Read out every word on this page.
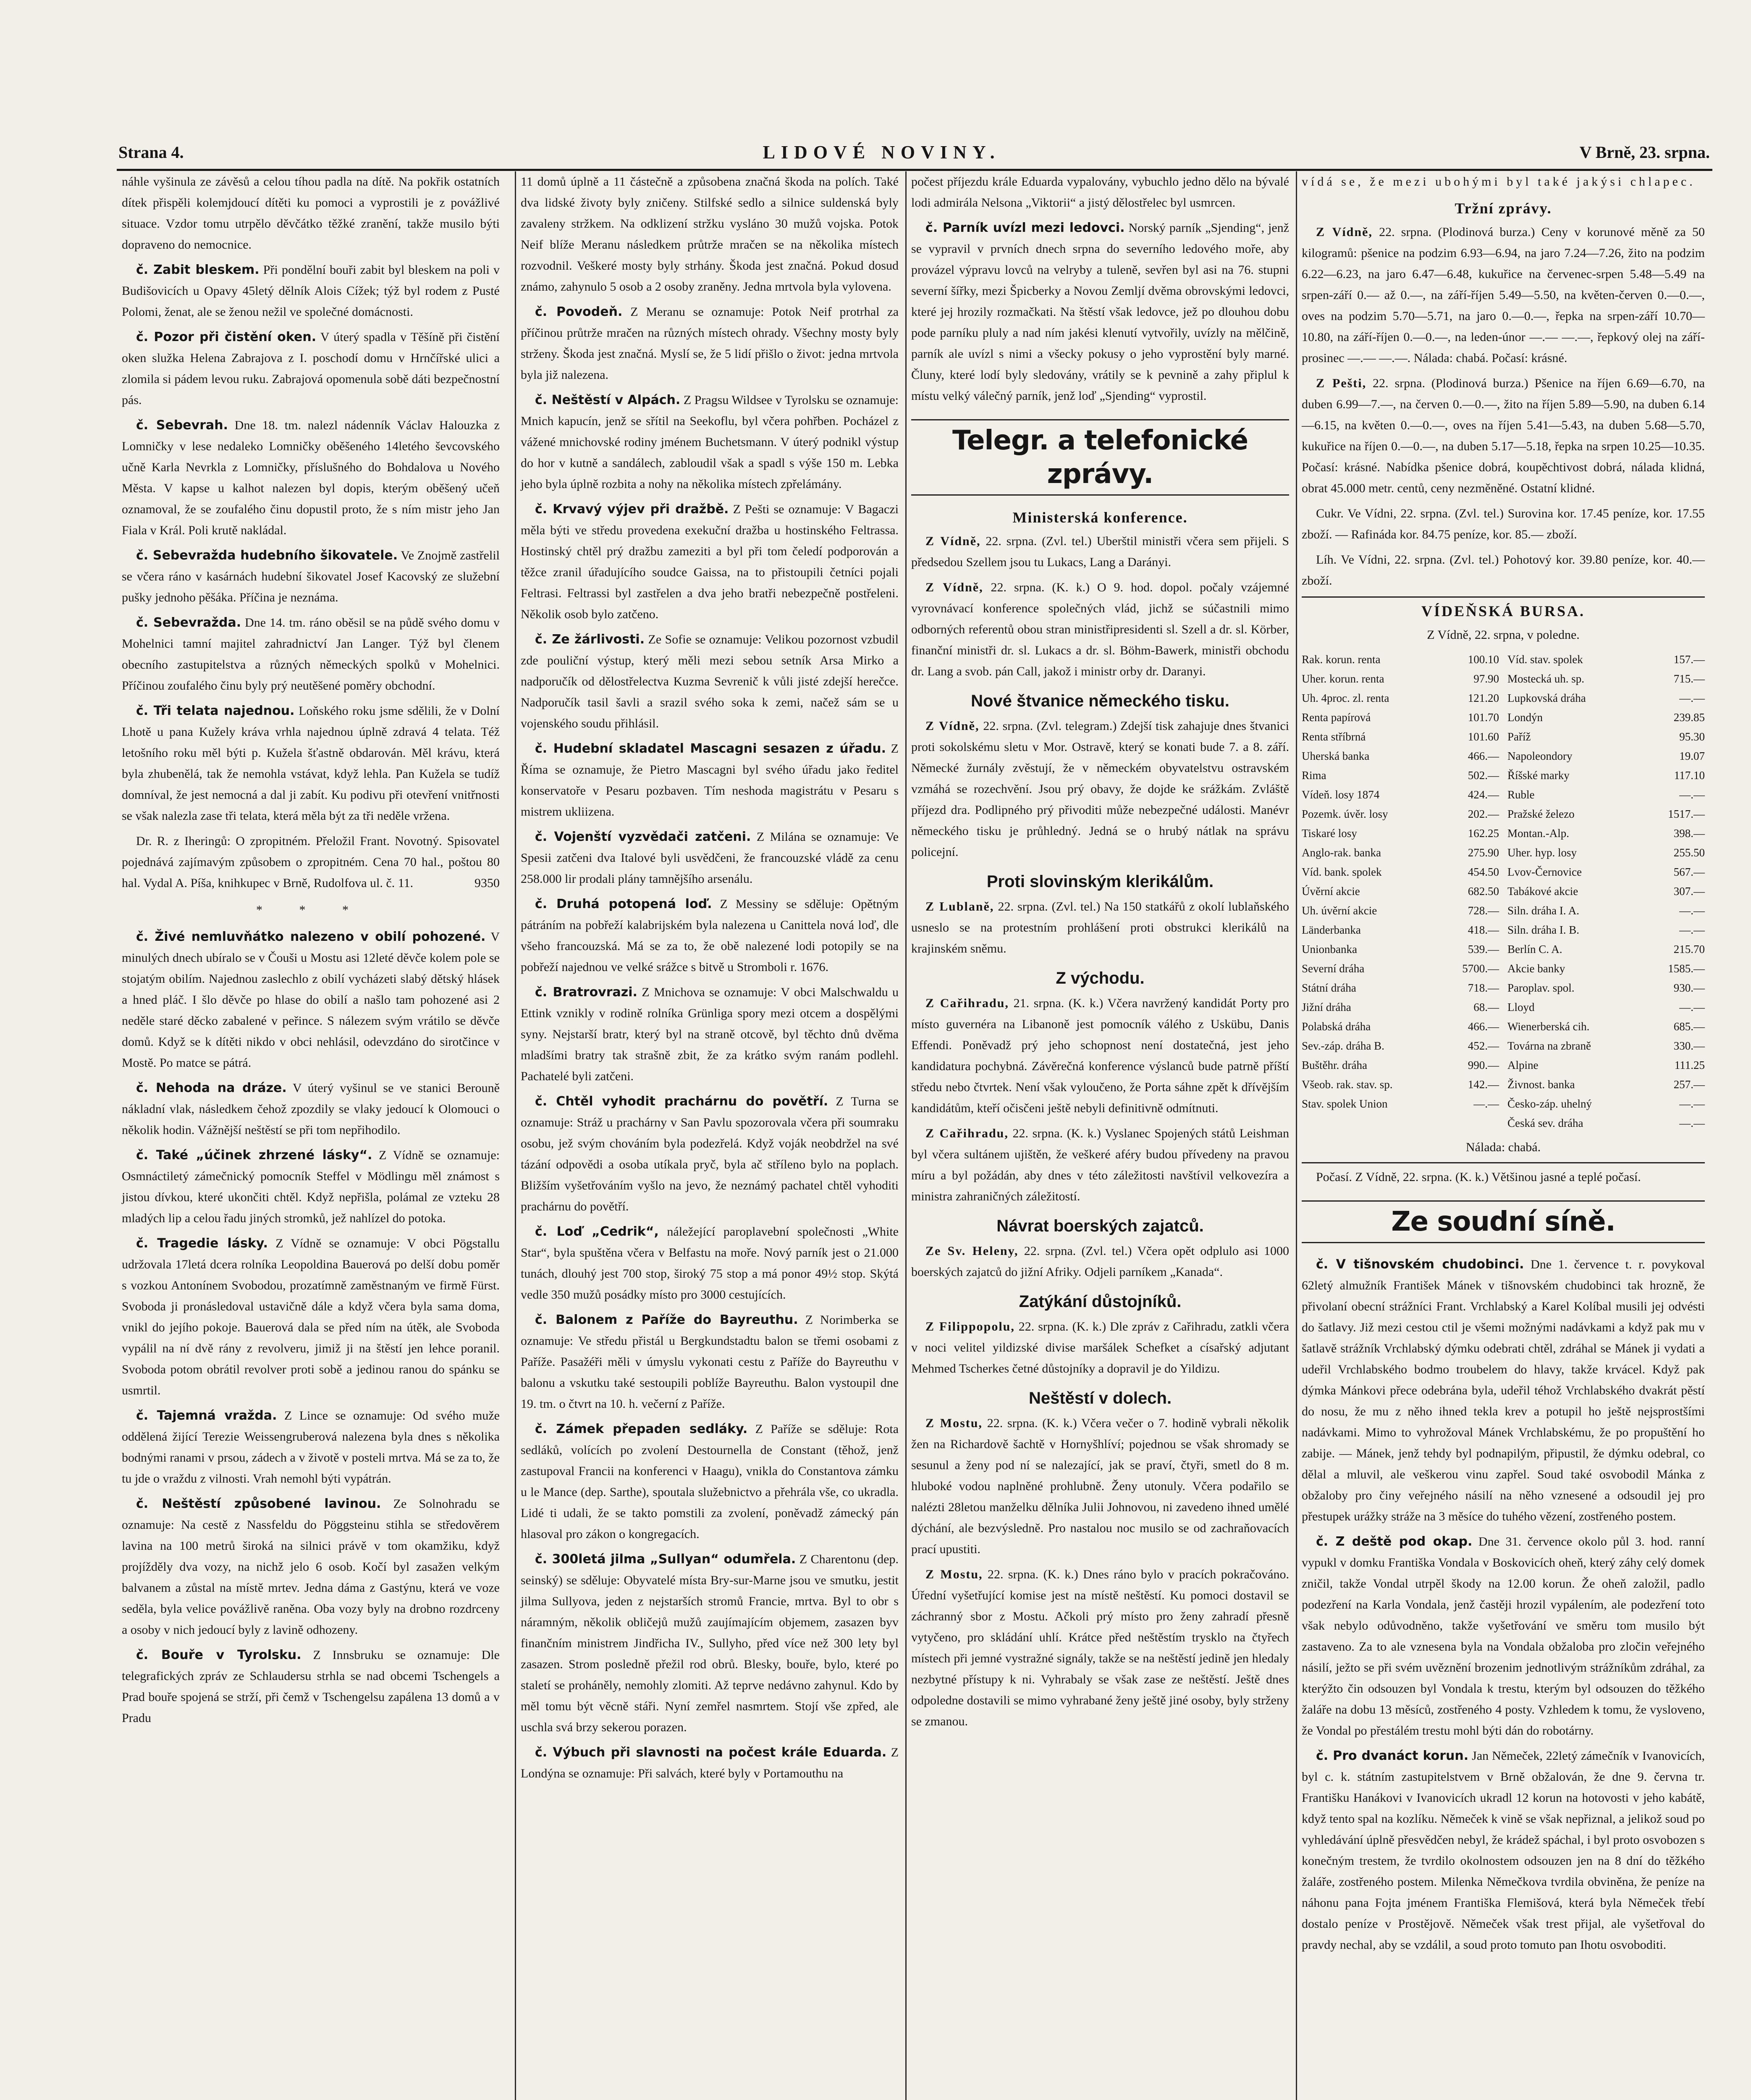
Strana 4.	LIDOVÉ NOVINY.	V Brně, 23. srpna.

náhle vyšinula ze závěsů a celou tíhou padla na dítě. Na pokřik ostatních dítek přispěli kolemjdoucí dítěti ku pomoci a vyprostili je z povážlivé situace. Vzdor tomu utrpělo děvčátko těžké zranění, takže musilo býti dopraveno do nemocnice.

č. Zabit bleskem. Při pondělní bouři zabit byl bleskem na poli v Budišovicích u Opavy 45letý dělník Alois Cížek; týž byl rodem z Pusté Polomi, ženat, ale se ženou nežil ve společné domácnosti.

č. Pozor při čistění oken. V úterý spadla v Těšíně při čistění oken služka Helena Zabrajova z I. poschodí domu v Hrnčířské ulici a zlomila si pádem levou ruku. Zabrajová opomenula sobě dáti bezpečnostní pás.

č. Sebevrah. Dne 18. tm. nalezl nádenník Václav Halouzka z Lomničky v lese nedaleko Lomničky oběšeného 14letého ševcovského učně Karla Nevrkla z Lomničky, příslušného do Bohdalova u Nového Města. V kapse u kalhot nalezen byl dopis, kterým oběšený učeň oznamoval, že se zoufalého činu dopustil proto, že s ním mistr jeho Jan Fiala v Král. Poli krutě nakládal.

č. Sebevražda hudebního šikovatele. Ve Znojmě zastřelil se včera ráno v kasárnách hudební šikovatel Josef Kacovský ze služební pušky jednoho pěšáka. Příčina je neznáma.

č. Sebevražda. Dne 14. tm. ráno oběsil se na půdě svého domu v Mohelnici tamní majitel zahradnictví Jan Langer. Týž byl členem obecního zastupitelstva a různých německých spolků v Mohelnici. Příčinou zoufalého činu byly prý neutěšené poměry obchodní.

č. Tři telata najednou. Loňského roku jsme sdělili, že v Dolní Lhotě u pana Kužely kráva vrhla najednou úplně zdravá 4 telata. Též letošního roku měl býti p. Kužela šťastně obdarován. Měl krávu, která byla zhubenělá, tak že nemohla vstávat, když lehla. Pan Kužela se tudíž domníval, že jest nemocná a dal ji zabít. Ku podivu při otevření vnitřnosti se však nalezla zase tři telata, která měla být za tři neděle vržena.

Dr. R. z Iheringů: O zpropitném. Přeložil Frant. Novotný. Spisovatel pojednává zajímavým způsobem o zpropitném. Cena 70 hal., poštou 80 hal. Vydal A. Píša, knihkupec v Brně, Rudolfova ul. č. 11.	9350

* * *

č. Živé nemluvňátko nalezeno v obilí pohozené. V minulých dnech ubíralo se v Čouši u Mostu asi 12leté děvče kolem pole se stojatým obilím. Najednou zaslechlo z obilí vycházeti slabý dětský hlásek a hned pláč. I šlo děvče po hlase do obilí a našlo tam pohozené asi 2 neděle staré děcko zabalené v peřince. S nálezem svým vrátilo se děvče domů. Když se k dítěti nikdo v obci nehlásil, odevzdáno do sirotčince v Mostě. Po matce se pátrá.

č. Nehoda na dráze. V úterý vyšinul se ve stanici Berouně nákladní vlak, následkem čehož zpozdily se vlaky jedoucí k Olomouci o několik hodin. Vážnější neštěstí se při tom nepřihodilo.

č. Také „účinek zhrzené lásky“. Z Vídně se oznamuje: Osmnáctiletý zámečnický pomocník Steffel v Mödlingu měl známost s jistou dívkou, které ukončiti chtěl. Když nepřišla, polámal ze vzteku 28 mladých lip a celou řadu jiných stromků, jež nahlízel do potoka.

č. Tragedie lásky. Z Vídně se oznamuje: V obci Pögstallu udržovala 17letá dcera rolníka Leopoldina Bauerová po delší dobu poměr s vozkou Antonínem Svobodou, prozatímně zaměstnaným ve firmě Fürst. Svoboda ji pronásledoval ustavičně dále a když včera byla sama doma, vnikl do jejího pokoje. Bauerová dala se před ním na útěk, ale Svoboda vypálil na ní dvě rány z revolveru, jimiž ji na štěstí jen lehce poranil. Svoboda potom obrátil revolver proti sobě a jedinou ranou do spánku se usmrtil.

č. Tajemná vražda. Z Lince se oznamuje: Od svého muže oddělená žijící Terezie Weissengruberová nalezena byla dnes s několika bodnými ranami v prsou, zádech a v životě v posteli mrtva. Má se za to, že tu jde o vraždu z vilnosti. Vrah nemohl býti vypátrán.

č. Neštěstí způsobené lavinou. Ze Solnohradu se oznamuje: Na cestě z Nassfeldu do Pöggsteinu stihla se středověrem lavina na 100 metrů široká na silnici právě v tom okamžiku, když projížděly dva vozy, na nichž jelo 6 osob. Kočí byl zasažen velkým balvanem a zůstal na místě mrtev. Jedna dáma z Gastýnu, která ve voze seděla, byla velice povážlivě raněna. Oba vozy byly na drobno rozdrceny a osoby v nich jedoucí byly z lavině odhozeny.

č. Bouře v Tyrolsku. Z Innsbruku se oznamuje: Dle telegrafických zpráv ze Schlaudersu strhla se nad obcemi Tschengels a Prad bouře spojená se strží, při čemž v Tschengelsu zapálena 13 domů a v Pradu

11 domů úplně a 11 částečně a způsobena značná škoda na polích. Také dva lidské životy byly zničeny. Stilfské sedlo a silnice suldenská byly zavaleny stržkem. Na odklizení stržku vysláno 30 mužů vojska. Potok Neif blíže Meranu následkem průtrže mračen se na několika místech rozvodnil. Veškeré mosty byly strhány. Škoda jest značná. Pokud dosud známo, zahynulo 5 osob a 2 osoby zraněny. Jedna mrtvola byla vylovena.

č. Povodeň. Z Meranu se oznamuje: Potok Neif protrhal za příčinou průtrže mračen na různých místech ohrady. Všechny mosty byly strženy. Škoda jest značná. Myslí se, že 5 lidí přišlo o život: jedna mrtvola byla již nalezena.

č. Neštěstí v Alpách. Z Pragsu Wildsee v Tyrolsku se oznamuje: Mnich kapucín, jenž se sřítil na Seekoflu, byl včera pohřben. Pocházel z vážené mnichovské rodiny jménem Buchetsmann. V úterý podnikl výstup do hor v kutně a sandálech, zabloudil však a spadl s výše 150 m. Lebka jeho byla úplně rozbita a nohy na několika místech zpřelámány.

č. Krvavý výjev při dražbě. Z Pešti se oznamuje: V Bagaczi měla býti ve středu provedena exekuční dražba u hostinského Feltrassa. Hostinský chtěl prý dražbu zameziti a byl při tom čeledí podporován a těžce zranil úřadujícího soudce Gaissa, na to přistoupili četníci pojali Feltrasi. Feltrassi byl zastřelen a dva jeho bratři nebezpečně postřeleni. Několik osob bylo zatčeno.

č. Ze žárlivosti. Ze Sofie se oznamuje: Velikou pozornost vzbudil zde pouliční výstup, který měli mezi sebou setník Arsa Mirko a nadporučík od dělostřelectva Kuzma Sevrenič k vůli jisté zdejší herečce. Nadporučík tasil šavli a srazil svého soka k zemi, načež sám se u vojenského soudu přihlásil.

č. Hudební skladatel Mascagni sesazen z úřadu. Z Říma se oznamuje, že Pietro Mascagni byl svého úřadu jako ředitel konservatoře v Pesaru pozbaven. Tím neshoda magistrátu v Pesaru s mistrem ukliizena.

č. Vojenští vyzvědači zatčeni. Z Milána se oznamuje: Ve Spesii zatčeni dva Italové byli usvědčeni, že francouzské vládě za cenu 258.000 lir prodali plány tamnějšího arsenálu.

č. Druhá potopená loď. Z Messiny se sděluje: Opětným pátráním na pobřeží kalabrijském byla nalezena u Canittela nová loď, dle všeho francouzská. Má se za to, že obě nalezené lodi potopily se na pobřeží najednou ve velké srážce s bitvě u Stromboli r. 1676.

č. Bratrovrazi. Z Mnichova se oznamuje: V obci Malschwaldu u Ettink vznikly v rodině rolníka Grünliga spory mezi otcem a dospělými syny. Nejstarší bratr, který byl na straně otcově, byl těchto dnů dvěma mladšími bratry tak strašně zbit, že za krátko svým ranám podlehl. Pachatelé byli zatčeni.

č. Chtěl vyhodit prachárnu do povětří. Z Turna se oznamuje: Stráž u prachárny v San Pavlu spozorovala včera při soumraku osobu, jež svým chováním byla podezřelá. Když voják neobdržel na své tázání odpovědi a osoba utíkala pryč, byla ač stříleno bylo na poplach. Bližším vyšetřováním vyšlo na jevo, že neznámý pachatel chtěl vyhoditi prachárnu do povětří.

č. Loď „Cedrik“, náležející paroplavební společnosti „White Star“, byla spuštěna včera v Belfastu na moře. Nový parník jest o 21.000 tunách, dlouhý jest 700 stop, široký 75 stop a má ponor 49½ stop. Skýtá vedle 350 mužů posádky místo pro 3000 cestujících.

č. Balonem z Paříže do Bayreuthu. Z Norimberka se oznamuje: Ve středu přistál u Bergkundstadtu balon se třemi osobami z Paříže. Pasažéři měli v úmyslu vykonati cestu z Paříže do Bayreuthu v balonu a vskutku také sestoupili poblíže Bayreuthu. Balon vystoupil dne 19. tm. o čtvrt na 10. h. večerní z Paříže.

č. Zámek přepaden sedláky. Z Paříže se sděluje: Rota sedláků, volících po zvolení Destournella de Constant (těhož, jenž zastupoval Francii na konferenci v Haagu), vnikla do Constantova zámku u le Mance (dep. Sarthe), spoutala služebnictvo a přehrála vše, co ukradla. Lidé ti udali, že se takto pomstili za zvolení, poněvadž zámecký pán hlasoval pro zákon o kongregacích.

č. 300letá jilma „Sullyan“ odumřela. Z Charentonu (dep. seinský) se sděluje: Obyvatelé místa Bry-sur-Marne jsou ve smutku, jestit jilma Sullyova, jeden z nejstarších stromů Francie, mrtva. Byl to obr s náramným, několik obličejů mužů zaujímajícím objemem, zasazen byv finančním ministrem Jindřicha IV., Sullyho, před více než 300 lety byl zasazen. Strom posledně přežil rod obrů. Blesky, bouře, bylo, které po staletí se proháněly, nemohly zlomiti. Až teprve nedávno zahynul. Kdo by měl tomu být věcně stáři. Nyní zemřel nasmrtem. Stojí vše zpřed, ale uschla svá brzy sekerou porazen.

č. Výbuch při slavnosti na počest krále Eduarda. Z Londýna se oznamuje: Při salvách, které byly v Portamouthu na

počest příjezdu krále Eduarda vypalovány, vybuchlo jedno dělo na bývalé lodi admirála Nelsona „Viktorii“ a jistý dělostřelec byl usmrcen.

č. Parník uvízl mezi ledovci. Norský parník „Sjending“, jenž se vypravil v prvních dnech srpna do severního ledového moře, aby provázel výpravu lovců na velryby a tuleně, sevřen byl asi na 76. stupni severní šířky, mezi Špicberky a Novou Zemljí dvěma obrovskými ledovci, které jej hrozily rozmačkati. Na štěstí však ledovce, jež po dlouhou dobu pode parníku pluly a nad ním jakési klenutí vytvořily, uvízly na mělčině, parník ale uvízl s nimi a všecky pokusy o jeho vyprostění byly marné. Čluny, které lodí byly sledovány, vrátily se k pevnině a zahy připlul k místu velký válečný parník, jenž loď „Sjending“ vyprostil.

Telegr. a telefonické zprávy.
Ministerská konference.

Z Vídně, 22. srpna. (Zvl. tel.) Uberštil ministři včera sem přijeli. S předsedou Szellem jsou tu Lukacs, Lang a Darányi.

Z Vídně, 22. srpna. (K. k.) O 9. hod. dopol. počaly vzájemné vyrovnávací konference společných vlád, jichž se súčastnili mimo odborných referentů obou stran ministřipresidenti sl. Szell a dr. sl. Körber, finanční ministři dr. sl. Lukacs a dr. sl. Böhm-Bawerk, ministři obchodu dr. Lang a svob. pán Call, jakož i ministr orby dr. Daranyi.

Nové štvanice německého tisku.

Z Vídně, 22. srpna. (Zvl. telegram.) Zdejší tisk zahajuje dnes štvanici proti sokolskému sletu v Mor. Ostravě, který se konati bude 7. a 8. září. Německé žurnály zvěstují, že v německém obyvatelstvu ostravském vzmáhá se rozechvění. Jsou prý obavy, že dojde ke srážkám. Zvláště příjezd dra. Podlipného prý přivoditi může nebezpečné události. Manévr německého tisku je průhledný. Jedná se o hrubý nátlak na správu policejní.

Proti slovinským klerikálům.

Z Lublaně, 22. srpna. (Zvl. tel.) Na 150 statkářů z okolí lublaňského usneslo se na protestním prohlášení proti obstrukci klerikálů na krajinském sněmu.

Z východu.

Z Cařihradu, 21. srpna. (K. k.) Včera navržený kandidát Porty pro místo guvernéra na Libanoně jest pomocník válého z Uskübu, Danis Effendi. Poněvadž prý jeho schopnost není dostatečná, jest jeho kandidatura pochybná. Závěrečná konference výslanců bude patrně příští středu nebo čtvrtek. Není však vyloučeno, že Porta sáhne zpět k dřívějším kandidátům, kteří očisčeni ještě nebyli definitivně odmítnuti.

Z Cařihradu, 22. srpna. (K. k.) Vyslanec Spojených států Leishman byl včera sultánem ujištěn, že veškeré aféry budou přívedeny na pravou míru a byl požádán, aby dnes v této záležitosti navštívil velkovezíra a ministra zahraničných záležitostí.

Návrat boerských zajatců.

Ze Sv. Heleny, 22. srpna. (Zvl. tel.) Včera opět odplulo asi 1000 boerských zajatců do jižní Afriky. Odjeli parníkem „Kanada“.

Zatýkání důstojníků.

Z Filippopolu, 22. srpna. (K. k.) Dle zpráv z Cařihradu, zatkli včera v noci velitel yildizské divise maršálek Schefket a císařský adjutant Mehmed Tscherkes četné důstojníky a dopravil je do Yildizu.

Neštěstí v dolech.

Z Mostu, 22. srpna. (K. k.) Včera večer o 7. hodině vybrali několik žen na Richardově šachtě v Hornyšhlíví; pojednou se však shromady se sesunul a ženy pod ní se nalezající, jak se praví, čtyři, smetl do 8 m. hluboké vodou naplněné prohlubně. Ženy utonuly. Včera podařilo se nalézti 28letou manželku dělníka Julii Johnovou, ni zavedeno ihned umělé dýchání, ale bezvýsledně. Pro nastalou noc musilo se od zachraňovacích prací upustiti.

Z Mostu, 22. srpna. (K. k.) Dnes ráno bylo v pracích pokračováno. Úřední vyšetřující komise jest na místě neštěstí. Ku pomoci dostavil se záchranný sbor z Mostu. Ačkoli prý místo pro ženy zahradí přesně vytyčeno, pro skládání uhlí. Krátce před neštěstím trysklo na čtyřech místech při jemné vystražné signály, takže se na neštěstí jedině jen hledaly nezbytné přístupy k ni. Vyhrabaly se však zase ze neštěstí. Ještě dnes odpoledne dostavili se mimo vyhrabané ženy ještě jiné osoby, byly strženy se zmanou.

vídá se, že mezi ubohými byl také jakýsi chlapec.

Tržní zprávy.

Z Vídně, 22. srpna. (Plodinová burza.) Ceny v korunové měně za 50 kilogramů: pšenice na podzim 6.93—6.94, na jaro 7.24—7.26, žito na podzim 6.22—6.23, na jaro 6.47—6.48, kukuřice na červenec-srpen 5.48—5.49 na srpen-září 0.— až 0.—, na září-říjen 5.49—5.50, na květen-červen 0.—0.—, oves na podzim 5.70—5.71, na jaro 0.—0.—, řepka na srpen-září 10.70—10.80, na září-říjen 0.—0.—, na leden-únor —.— —.—, řepkový olej na září-prosinec —.— —.—. Nálada: chabá. Počasí: krásné.

Z Pešti, 22. srpna. (Plodinová burza.) Pšenice na říjen 6.69—6.70, na duben 6.99—7.—, na červen 0.—0.—, žito na říjen 5.89—5.90, na duben 6.14—6.15, na květen 0.—0.—, oves na říjen 5.41—5.43, na duben 5.68—5.70, kukuřice na říjen 0.—0.—, na duben 5.17—5.18, řepka na srpen 10.25—10.35. Počasí: krásné. Nabídka pšenice dobrá, koupěchtivost dobrá, nálada klidná, obrat 45.000 metr. centů, ceny nezměněné. Ostatní klidné.

Cukr. Ve Vídni, 22. srpna. (Zvl. tel.) Surovina kor. 17.45 peníze, kor. 17.55 zboží. — Rafináda kor. 84.75 peníze, kor. 85.— zboží.

Líh. Ve Vídni, 22. srpna. (Zvl. tel.) Pohotový kor. 39.80 peníze, kor. 40.— zboží.

VÍDEŇSKÁ BURSA.
Z Vídně, 22. srpna, v poledne.
Rak. korun. renta	100.10
Uher. korun. renta	97.90
Uh. 4proc. zl. renta	121.20
Renta papírová	101.70
Renta stříbrná	101.60
Uherská banka	466.—
Rima	502.—
Vídeň. losy 1874	424.—
Pozemk. úvěr. losy	202.—
Tiskaré losy	162.25
Anglo-rak. banka	275.90
Víd. bank. spolek	454.50
Úvěrní akcie	682.50
Uh. úvěrní akcie	728.—
Länderbanka	418.—
Unionbanka	539.—
Severní dráha	5700.—
Státní dráha	718.—
Jižní dráha	68.—
Polabská dráha	466.—
Sev.-záp. dráha B.	452.—
Buštěhr. dráha	990.—
Všeob. rak. stav. sp.	142.—
Stav. spolek Union	—.—
Víd. stav. spolek	157.—
Mostecká uh. sp.	715.—
Lupkovská dráha	—.—
Londýn	239.85
Paříž	95.30
Napoleondory	19.07
Říšské marky	117.10
Ruble	—.—
Pražské železo	1517.—
Montan.-Alp.	398.—
Uher. hyp. losy	255.50
Lvov-Černovice	567.—
Tabákové akcie	307.—
Siln. dráha I. A.	—.—
Siln. dráha I. B.	—.—
Berlín C. A.	215.70
Akcie banky	1585.—
Paroplav. spol.	930.—
Lloyd	—.—
Wienerberská cih.	685.—
Továrna na zbraně	330.—
Alpine	111.25
Živnost. banka	257.—
Česko-záp. uhelný	—.—
Česká sev. dráha	—.—
Nálada: chabá.

Počasí. Z Vídně, 22. srpna. (K. k.) Většinou jasné a teplé počasí.

Ze soudní síně.

č. V tišnovském chudobinci. Dne 1. července t. r. povykoval 62letý almužník František Mánek v tišnovském chudobinci tak hrozně, že přivolaní obecní strážníci Frant. Vrchlabský a Karel Kolíbal musili jej odvésti do šatlavy. Již mezi cestou ctil je všemi možnými nadávkami a když pak mu v šatlavě strážník Vrchlabský dýmku odebrati chtěl, zdráhal se Mánek ji vydati a udeřil Vrchlabského bodmo troubelem do hlavy, takže krvácel. Když pak dýmka Mánkovi přece odebrána byla, udeřil téhož Vrchlabského dvakrát pěstí do nosu, že mu z něho ihned tekla krev a potupil ho ještě nejsprostšími nadávkami. Mimo to vyhrožoval Mánek Vrchlabskému, že po propuštění ho zabije. — Mánek, jenž tehdy byl podnapilým, připustil, že dýmku odebral, co dělal a mluvil, ale veškerou vinu zapřel. Soud také osvobodil Mánka z obžaloby pro činy veřejného násilí na něho vznesené a odsoudil jej pro přestupek urážky stráže na 3 měsíce do tuhého vězení, zostřeného postem.

č. Z deště pod okap. Dne 31. července okolo půl 3. hod. ranní vypukl v domku Františka Vondala v Boskovicích oheň, který záhy celý domek zničil, takže Vondal utrpěl škody na 12.00 korun. Že oheň založil, padlo podezření na Karla Vondala, jenž častěji hrozil vypálením, ale podezření toto však nebylo odůvodněno, takže vyšetřování ve směru tom musilo být zastaveno. Za to ale vznesena byla na Vondala obžaloba pro zločin veřejného násilí, ježto se při svém uvěznění brozenim jednotlivým strážníkům zdráhal, za kterýžto čin odsouzen byl Vondala k trestu, kterým byl odsouzen do těžkého žaláře na dobu 13 měsíců, zostřeného 4 posty. Vzhledem k tomu, že vysloveno, že Vondal po přestálém trestu mohl býti dán do robotárny.

č. Pro dvanáct korun. Jan Němeček, 22letý zámečník v Ivanovicích, byl c. k. státním zastupitelstvem v Brně obžalován, že dne 9. června tr. Františku Hanákovi v Ivanovicích ukradl 12 korun na hotovosti v jeho kabátě, když tento spal na kozlíku. Němeček k vině se však nepřiznal, a jelikož soud po vyhledávání úplně přesvědčen nebyl, že krádež spáchal, i byl proto osvobozen s konečným trestem, že tvrdilo okolnostem odsouzen jen na 8 dní do těžkého žaláře, zostřeného postem. Milenka Němečkova tvrdila obviněna, že peníze na náhonu pana Fojta jménem Františka Flemišová, která byla Němeček třebí dostalo peníze v Prostějově. Němeček však trest přijal, ale vyšetřoval do pravdy nechal, aby se vzdálil, a soud proto tomuto pan Ihotu osvoboditi.
